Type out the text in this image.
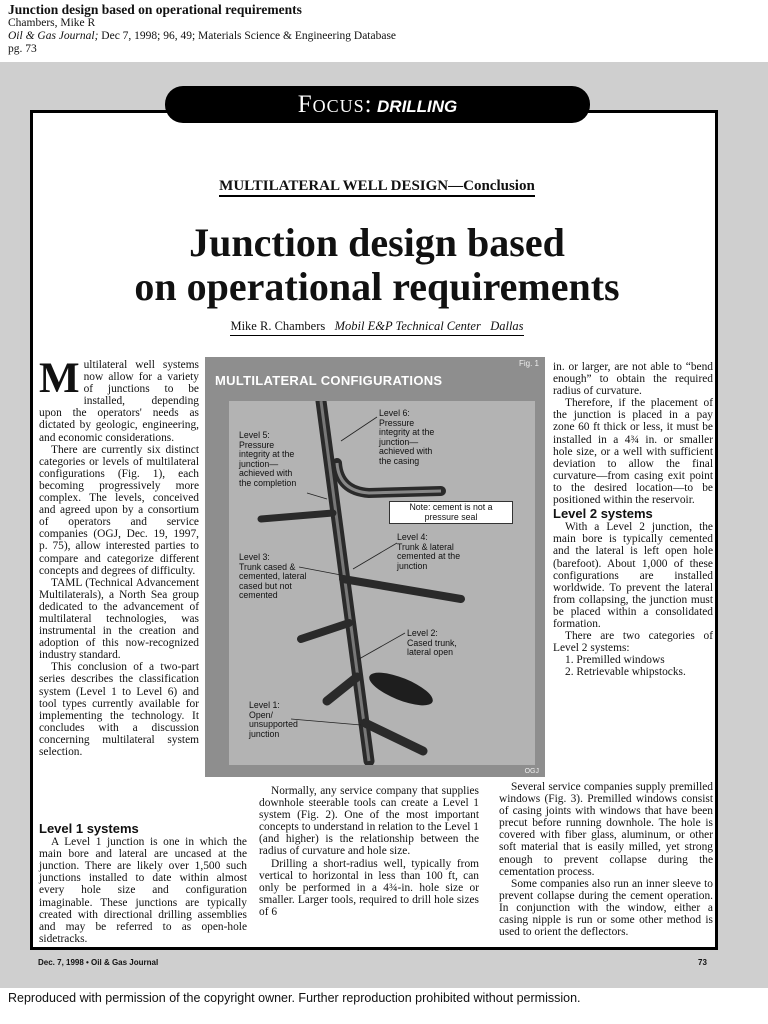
Junction design based on operational requirements
Chambers, Mike R
Oil & Gas Journal; Dec 7, 1998; 96, 49; Materials Science & Engineering Database
pg. 73
MULTILATERAL WELL DESIGN—Conclusion
Junction design based
on operational requirements
Mike R. Chambers Mobil E&P Technical Center Dallas
M ultilateral well systems now allow for a variety of junctions to be installed, depending upon the operators' needs as dictated by geologic, engineering, and economic considerations.

There are currently six distinct categories or levels of multilateral configurations (Fig. 1), each becoming progressively more complex. The levels, conceived and agreed upon by a consortium of operators and service companies (OGJ, Dec. 19, 1997, p. 75), allow interested parties to compare and categorize different concepts and degrees of difficulty.

TAML (Technical Advancement Multilaterals), a North Sea group dedicated to the advancement of multilateral technologies, was instrumental in the creation and adoption of this now-recognized industry standard.

This conclusion of a two-part series describes the classification system (Level 1 to Level 6) and tool types currently available for implementing the technology. It concludes with a discussion concerning multilateral system selection.

Level 1 systems

A Level 1 junction is one in which the main bore and lateral are uncased at the junction. There are likely over 1,500 such junctions installed to date within almost every hole size and configuration imaginable. These junctions are typically created with directional drilling assemblies and may be referred to as open-hole sidetracks.

Normally, any service company that supplies downhole steerable tools can create a Level 1 system (Fig. 2). One of the most important concepts to understand in relation to the Level 1 (and higher) is the relationship between the radius of curvature and hole size.

Drilling a short-radius well, typically from vertical to horizontal in less than 100 ft, can only be performed in a 4¾-in. hole size or smaller. Larger tools, required to drill hole sizes of 6

in. or larger, are not able to “bend enough” to obtain the required radius of curvature.

Therefore, if the placement of the junction is placed in a pay zone 60 ft thick or less, it must be installed in a 4¾ in. or smaller hole size, or a well with sufficient deviation to allow the final curvature—from casing exit point to the desired location—to be positioned within the reservoir.

Level 2 systems

With a Level 2 junction, the main bore is typically cemented and the lateral is left open hole (barefoot). About 1,000 of these configurations are installed worldwide. To prevent the lateral from collapsing, the junction must be placed within a consolidated formation.

There are two categories of Level 2 systems:

1. Premilled windows

2. Retrievable whipstocks.

Several service companies supply premilled windows (Fig. 3). Premilled windows consist of casing joints with windows that have been precut before running downhole. The hole is covered with fiber glass, aluminum, or other soft material that is easily milled, yet strong enough to prevent collapse during the cementation process.

Some companies also run an inner sleeve to prevent collapse during the cement operation. In conjunction with the window, either a casing nipple is run or some other method is used to orient the deflectors.

Fig. 1
MULTILATERAL CONFIGURATIONS
Level 6:
Pressure
integrity at the
junction—
achieved with
the casing
Level 5:
Pressure
integrity at the
junction—
achieved with
the completion
Note: cement is not a
pressure seal
Level 4:
Trunk & lateral
cemented at the
junction
Level 3:
Trunk cased &
cemented, lateral
cased but not
cemented
Level 2:
Cased trunk,
lateral open
Level 1:
Open/
unsupported
junction
OGJ
Focus: DRILLING
Dec. 7, 1998 • Oil & Gas Journal	73
Reproduced with permission of the copyright owner. Further reproduction prohibited without permission.
